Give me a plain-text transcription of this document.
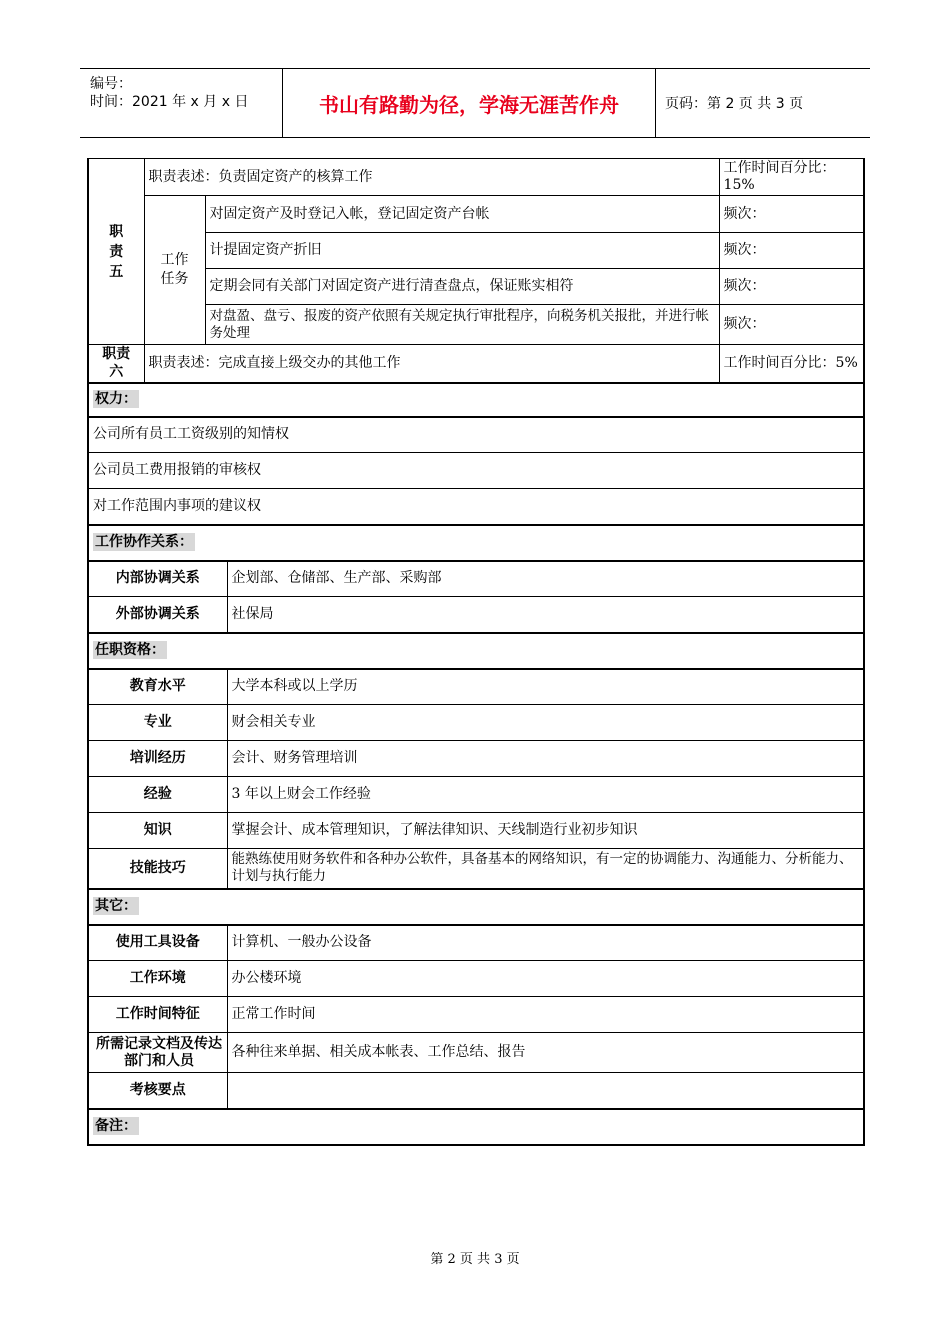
编号：
时间：2021 年 x 月 x 日	书山有路勤为径，学海无涯苦作舟	页码：第 2 页 共 3 页
职责五	职责表述：负责固定资产的核算工作			工作时间百分比：15%
	工作任务	对固定资产及时登记入帐，登记固定资产台帐		频次：
		计提固定资产折旧		频次：
		定期会同有关部门对固定资产进行清查盘点，保证账实相符		频次：
		对盘盈、盘亏、报废的资产依照有关规定执行审批程序，向税务机关报批，并进行帐务处理		频次：
职责六	职责表述：完成直接上级交办的其他工作			工作时间百分比：5%
权力：				
公司所有员工工资级别的知情权				
公司员工费用报销的审核权				
对工作范围内事项的建议权				
工作协作关系：				
内部协调关系			企划部、仓储部、生产部、采购部	
外部协调关系			社保局	
任职资格：				
教育水平			大学本科或以上学历	
专业			财会相关专业	
培训经历			会计、财务管理培训	
经验			3 年以上财会工作经验	
知识			掌握会计、成本管理知识，了解法律知识、天线制造行业初步知识	
技能技巧			能熟练使用财务软件和各种办公软件，具备基本的网络知识，有一定的协调能力、沟通能力、分析能力、计划与执行能力	
其它：				
使用工具设备			计算机、一般办公设备	
工作环境			办公楼环境	
工作时间特征			正常工作时间	
所需记录文档及传达部门和人员			各种往来单据、相关成本帐表、工作总结、报告	
考核要点				
备注：				
第 2 页 共 3 页
